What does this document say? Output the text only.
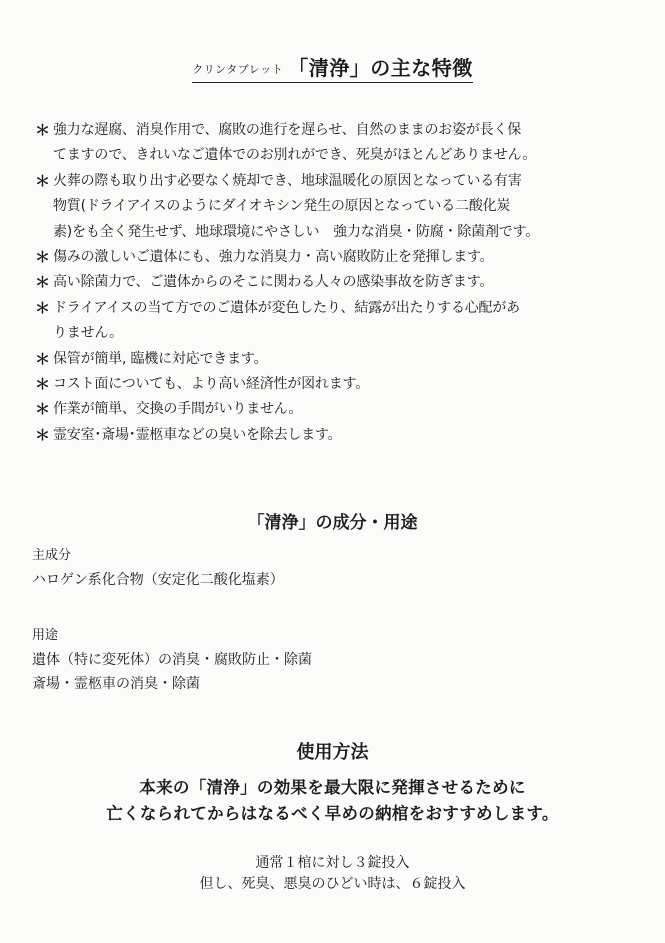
クリンタブレット 「清浄」の主な特徴
＊ 強力な遅腐、消臭作用で、腐敗の進行を遅らせ、自然のままのお姿が長く保
てますので、きれいなご遺体でのお別れができ、死臭がほとんどありません。
＊ 火葬の際も取り出す必要なく焼却でき、地球温暖化の原因となっている有害
物質(ドライアイスのようにダイオキシン発生の原因となっている二酸化炭
素)をも全く発生せず、地球環境にやさしい　強力な消臭・防腐・除菌剤です。
＊ 傷みの激しいご遺体にも、強力な消臭力・高い腐敗防止を発揮します。
＊ 高い除菌力で、ご遺体からのそこに関わる人々の感染事故を防ぎます。
＊ ドライアイスの当て方でのご遺体が変色したり、結露が出たりする心配があ
りません。
＊ 保管が簡単, 臨機に対応できます。
＊ コスト面についても、より高い経済性が図れます。
＊ 作業が簡単、交換の手間がいりません。
＊ 霊安室･斎場･霊柩車などの臭いを除去します。
「清浄」の成分・用途
主成分
ハロゲン系化合物（安定化二酸化塩素）
用途
遺体（特に変死体）の消臭・腐敗防止・除菌
斎場・霊柩車の消臭・除菌
使用方法
本来の「清浄」の効果を最大限に発揮させるために
亡くなられてからはなるべく早めの納棺をおすすめします。
通常１棺に対し３錠投入
但し、死臭、悪臭のひどい時は、６錠投入
